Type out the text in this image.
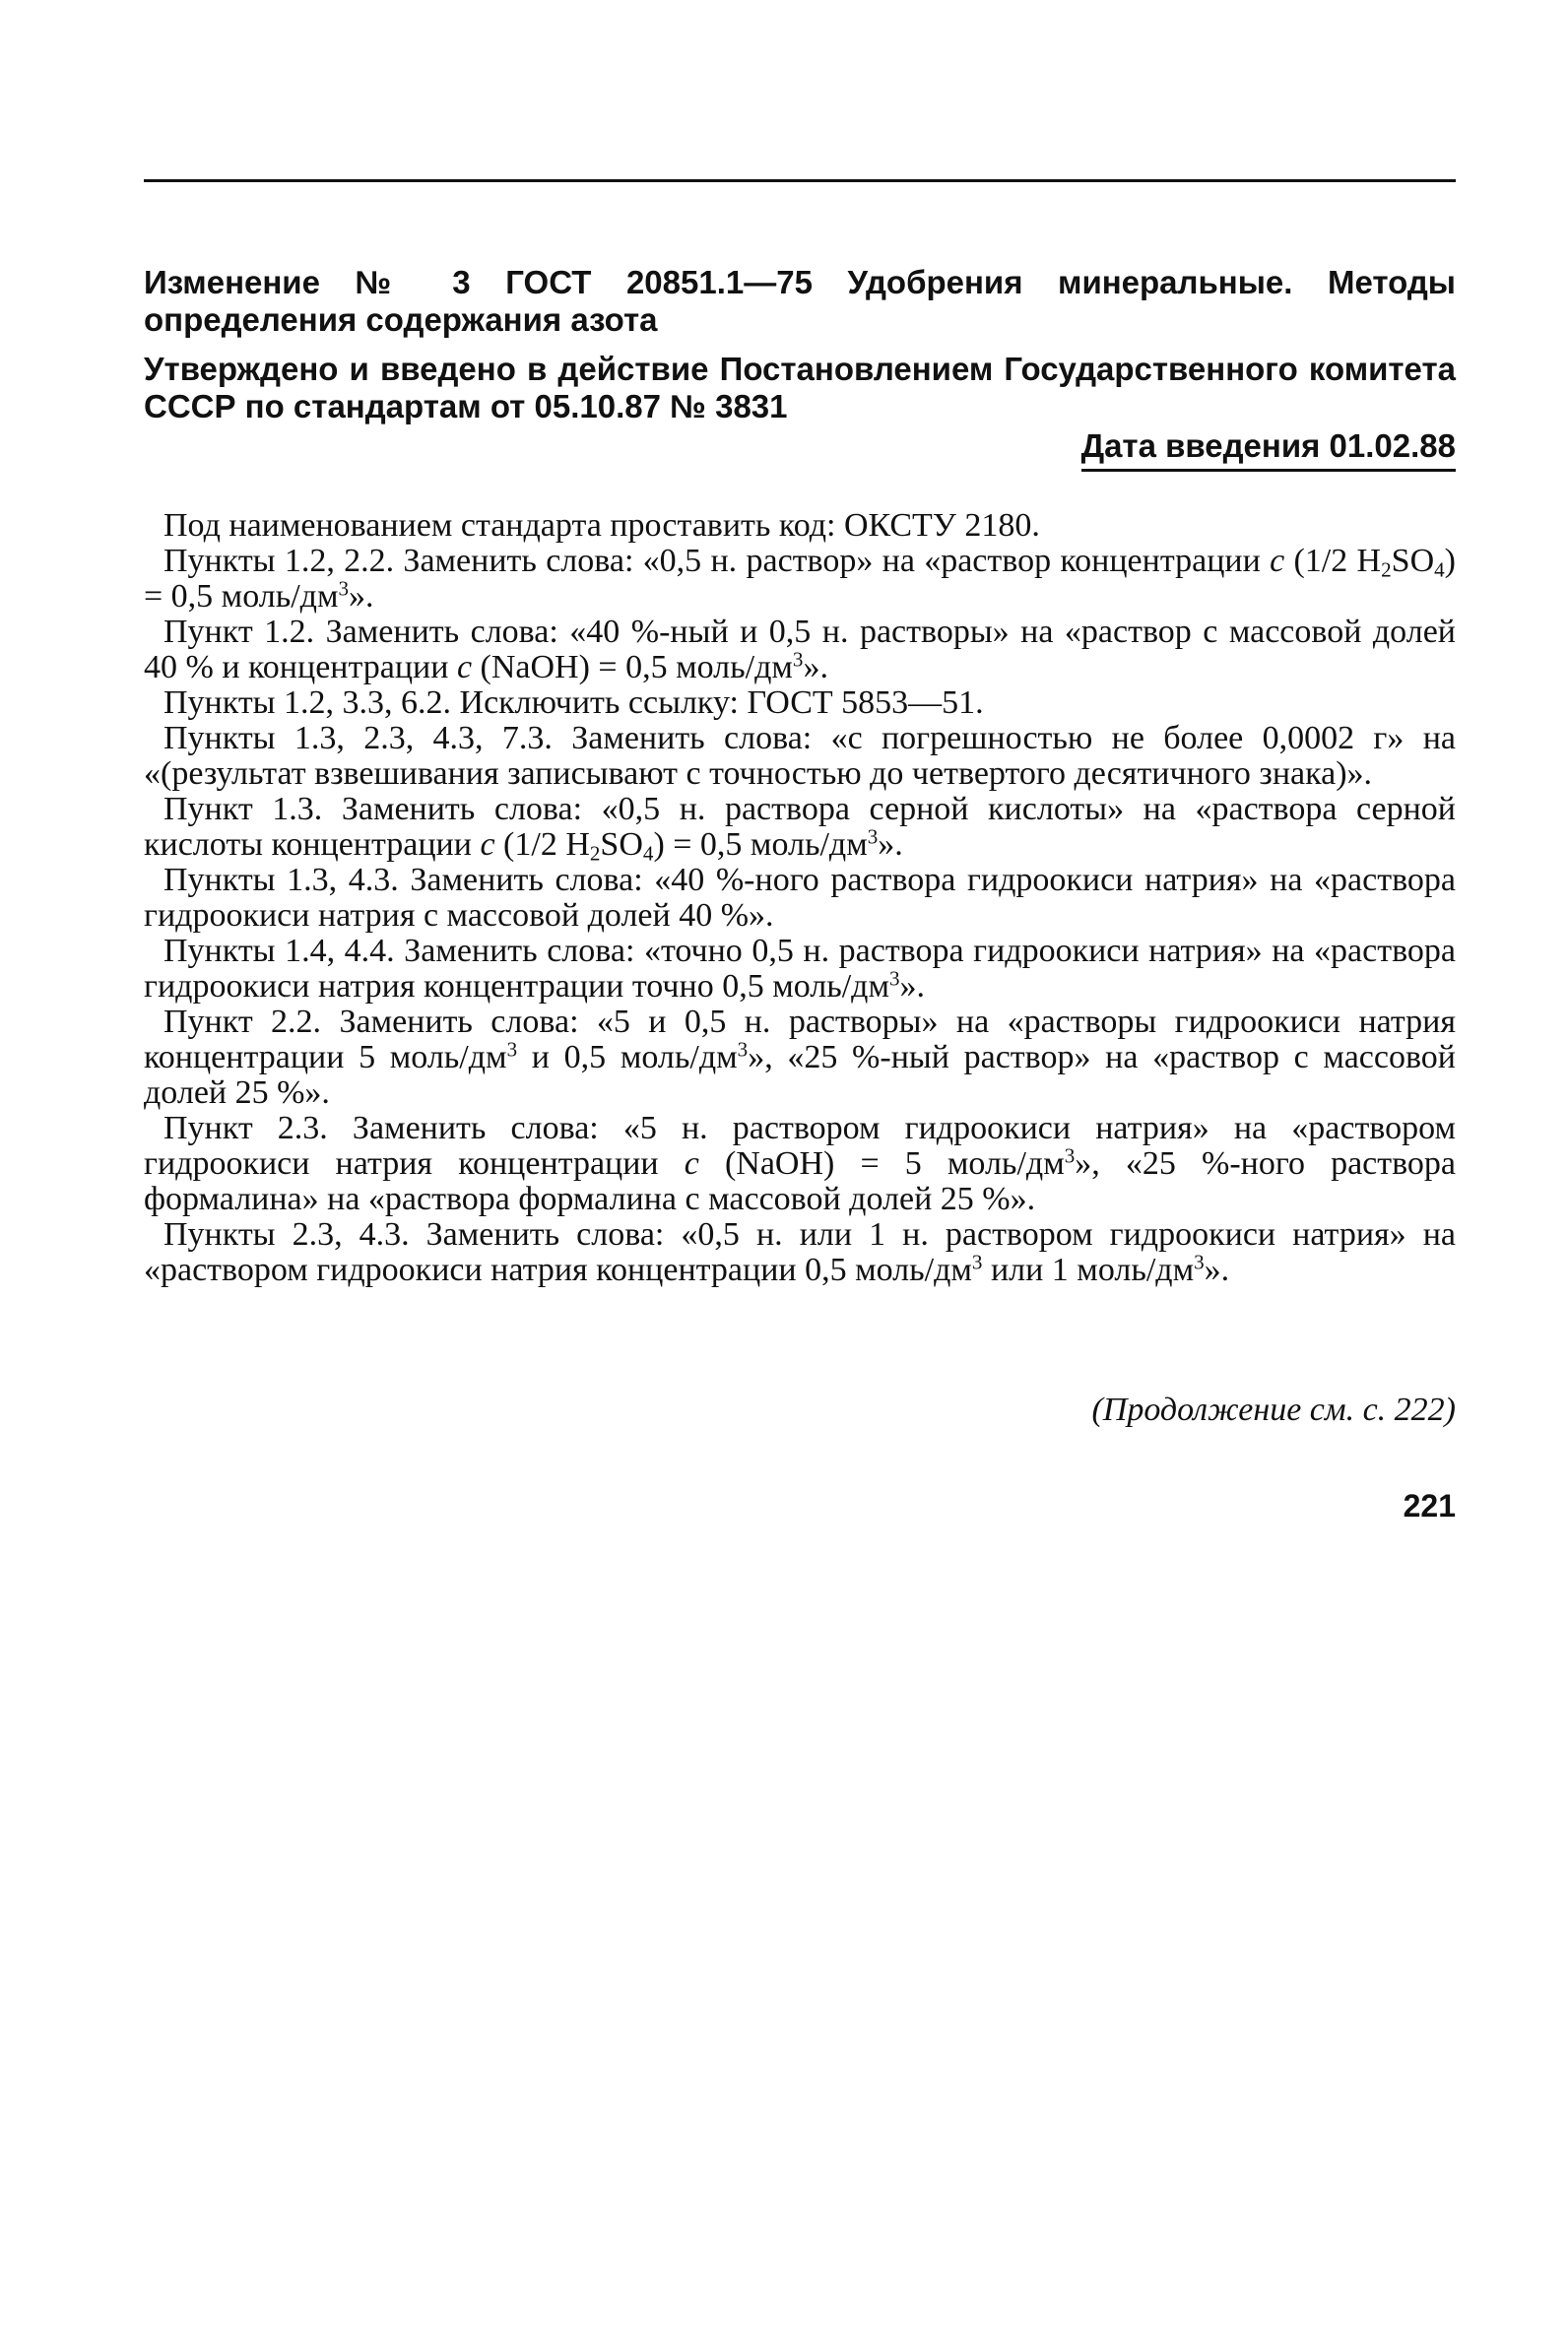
Изменение № 3 ГОСТ 20851.1—75 Удобрения минеральные. Методы определения содержания азота
Утверждено и введено в действие Постановлением Государственного комитета СССР по стандартам от 05.10.87 № 3831
Дата введения 01.02.88

Под наименованием стандарта проставить код: ОКСТУ 2180.

Пункты 1.2, 2.2. Заменить слова: «0,5 н. раствор» на «раствор концентрации c (1/2 $H_2SO_4) = 0,5$ моль/$дм^3$».

Пункт 1.2. Заменить слова: «40 %-ный и 0,5 н. растворы» на «раствор с массовой долей 40 % и концентрации c (NaOH) = 0,5 моль/$дм^3$».

Пункты 1.2, 3.3, 6.2. Исключить ссылку: ГОСТ 5853—51.

Пункты 1.3, 2.3, 4.3, 7.3. Заменить слова: «с погрешностью не более 0,0002 г» на «(результат взвешивания записывают с точностью до четвертого десятичного знака)».

Пункт 1.3. Заменить слова: «0,5 н. раствора серной кислоты» на «раствора серной кислоты концентрации c (1/2 $H_2SO_4) = 0,5$ моль/$дм^3$».

Пункты 1.3, 4.3. Заменить слова: «40 %-ного раствора гидроокиси натрия» на «раствора гидроокиси натрия с массовой долей 40 %».

Пункты 1.4, 4.4. Заменить слова: «точно 0,5 н. раствора гидроокиси натрия» на «раствора гидроокиси натрия концентрации точно 0,5 моль/$дм^3$».

Пункт 2.2. Заменить слова: «5 и 0,5 н. растворы» на «растворы гидроокиси натрия концентрации 5 моль/$дм^3$ и 0,5 моль/$дм^3$», «25 %-ный раствор» на «раствор с массовой долей 25 %».

Пункт 2.3. Заменить слова: «5 н. раствором гидроокиси натрия» на «раствором гидроокиси натрия концентрации c (NaOH) = 5 моль/$дм^3$», «25 %-ного раствора формалина» на «раствора формалина с массовой долей 25 %».

Пункты 2.3, 4.3. Заменить слова: «0,5 н. или 1 н. раствором гидроокиси натрия» на «раствором гидроокиси натрия концентрации 0,5 моль/$дм^3$ или 1 моль/$дм^3$».

(Продолжение см. с. 222)
221
